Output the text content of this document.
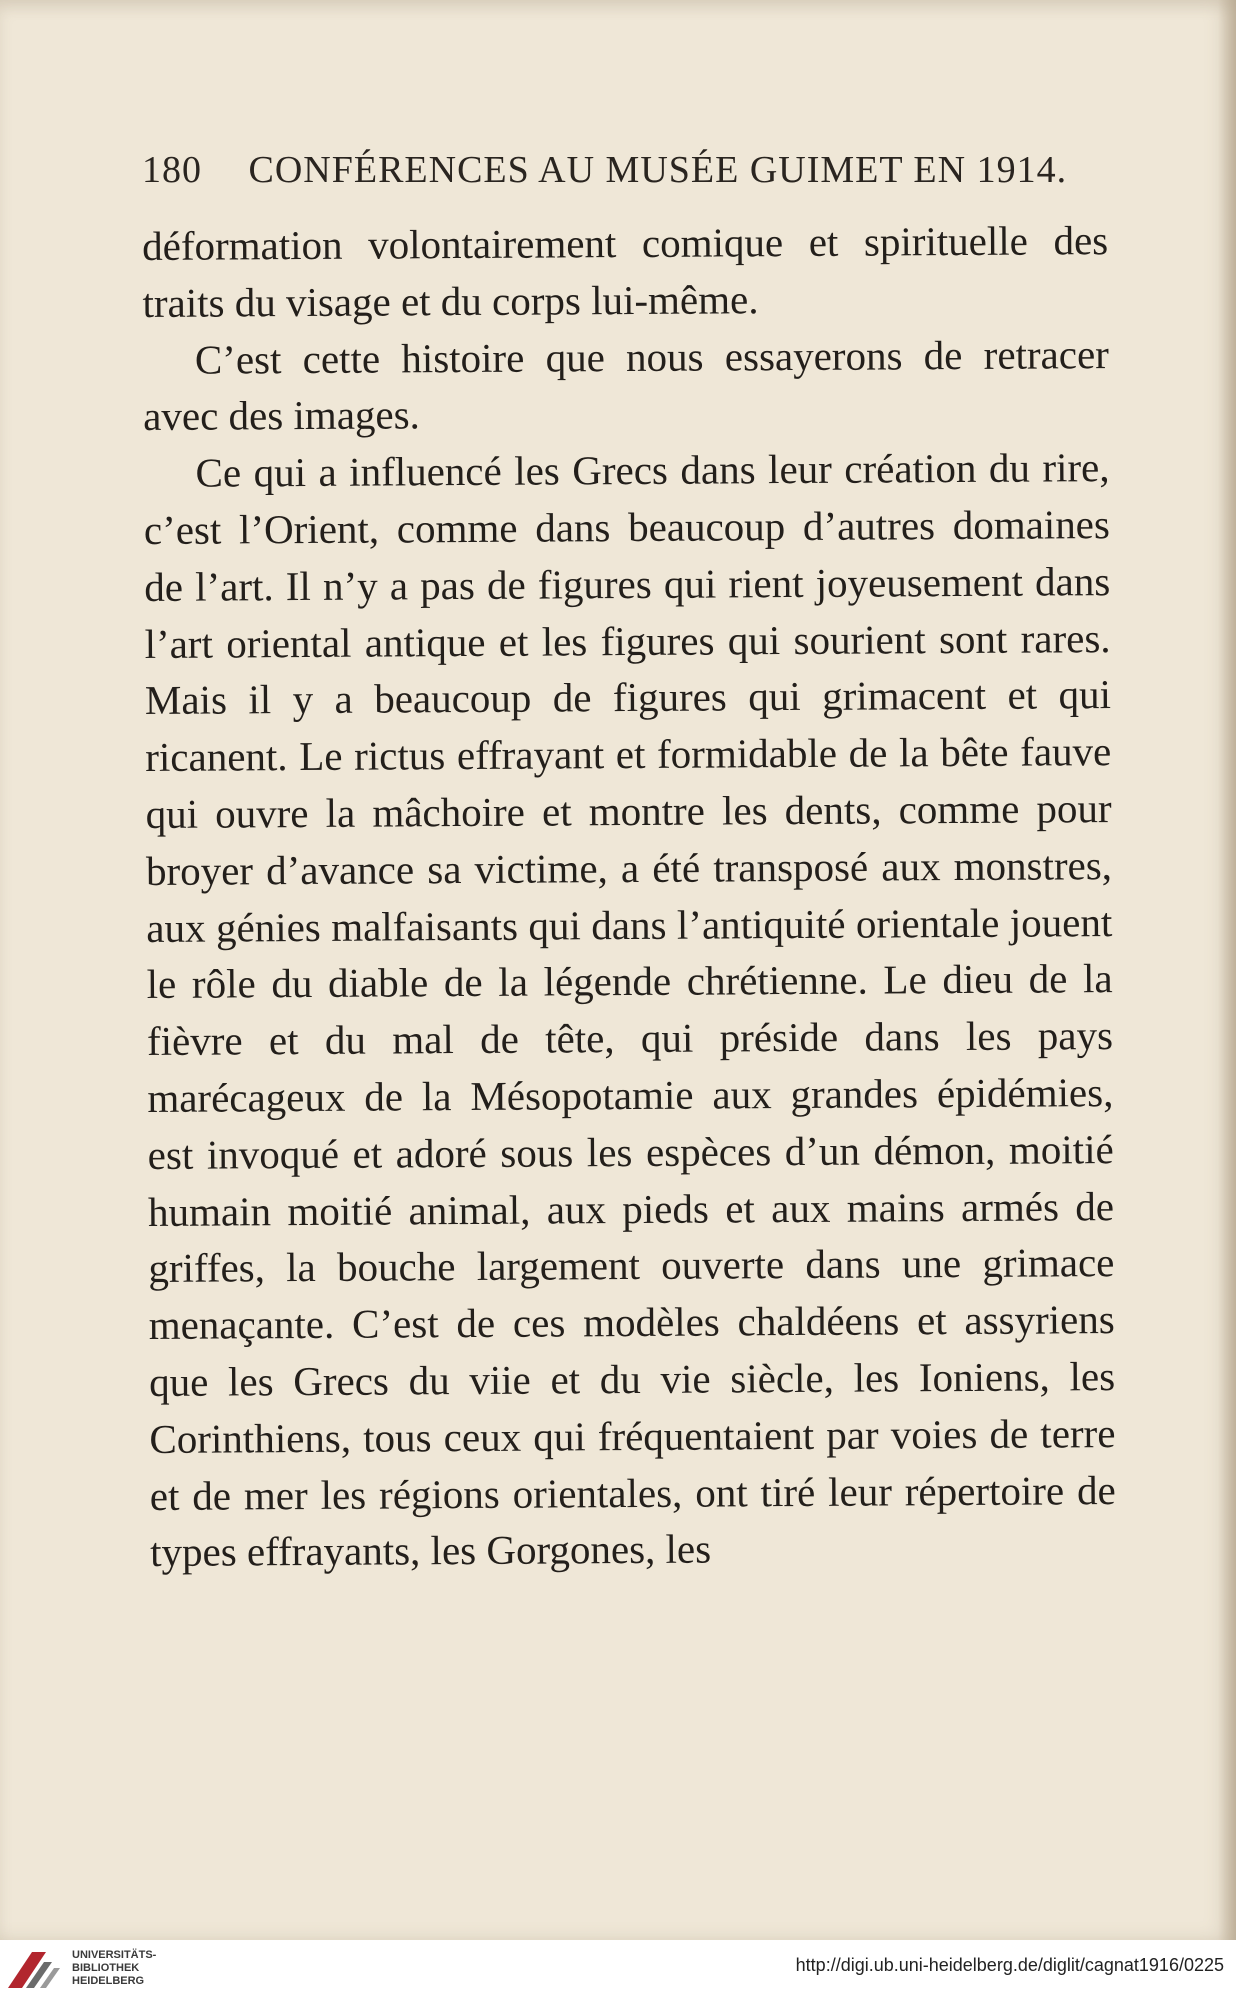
180 CONFÉRENCES AU MUSÉE GUIMET EN 1914.

déformation volontairement comique et spirituelle des traits du visage et du corps lui-même.

C’est cette histoire que nous essayerons de retracer avec des images.

Ce qui a influencé les Grecs dans leur création du rire, c’est l’Orient, comme dans beaucoup d’autres domaines de l’art. Il n’y a pas de figures qui rient joyeusement dans l’art oriental antique et les figures qui sourient sont rares. Mais il y a beaucoup de figures qui grimacent et qui ricanent. Le rictus effrayant et formidable de la bête fauve qui ouvre la mâchoire et montre les dents, comme pour broyer d’avance sa victime, a été transposé aux monstres, aux génies malfaisants qui dans l’antiquité orientale jouent le rôle du diable de la légende chrétienne. Le dieu de la fièvre et du mal de tête, qui préside dans les pays marécageux de la Mésopotamie aux grandes épidémies, est invoqué et adoré sous les espèces d’un démon, moitié humain moitié animal, aux pieds et aux mains armés de griffes, la bouche largement ouverte dans une grimace menaçante. C’est de ces modèles chaldéens et assyriens que les Grecs du viie et du vie siècle, les Ioniens, les Corinthiens, tous ceux qui fréquentaient par voies de terre et de mer les régions orientales, ont tiré leur répertoire de types effrayants, les Gorgones, les

UNIVERSITÄTS-
BIBLIOTHEK
HEIDELBERG
http://digi.ub.uni-heidelberg.de/diglit/cagnat1916/0225
